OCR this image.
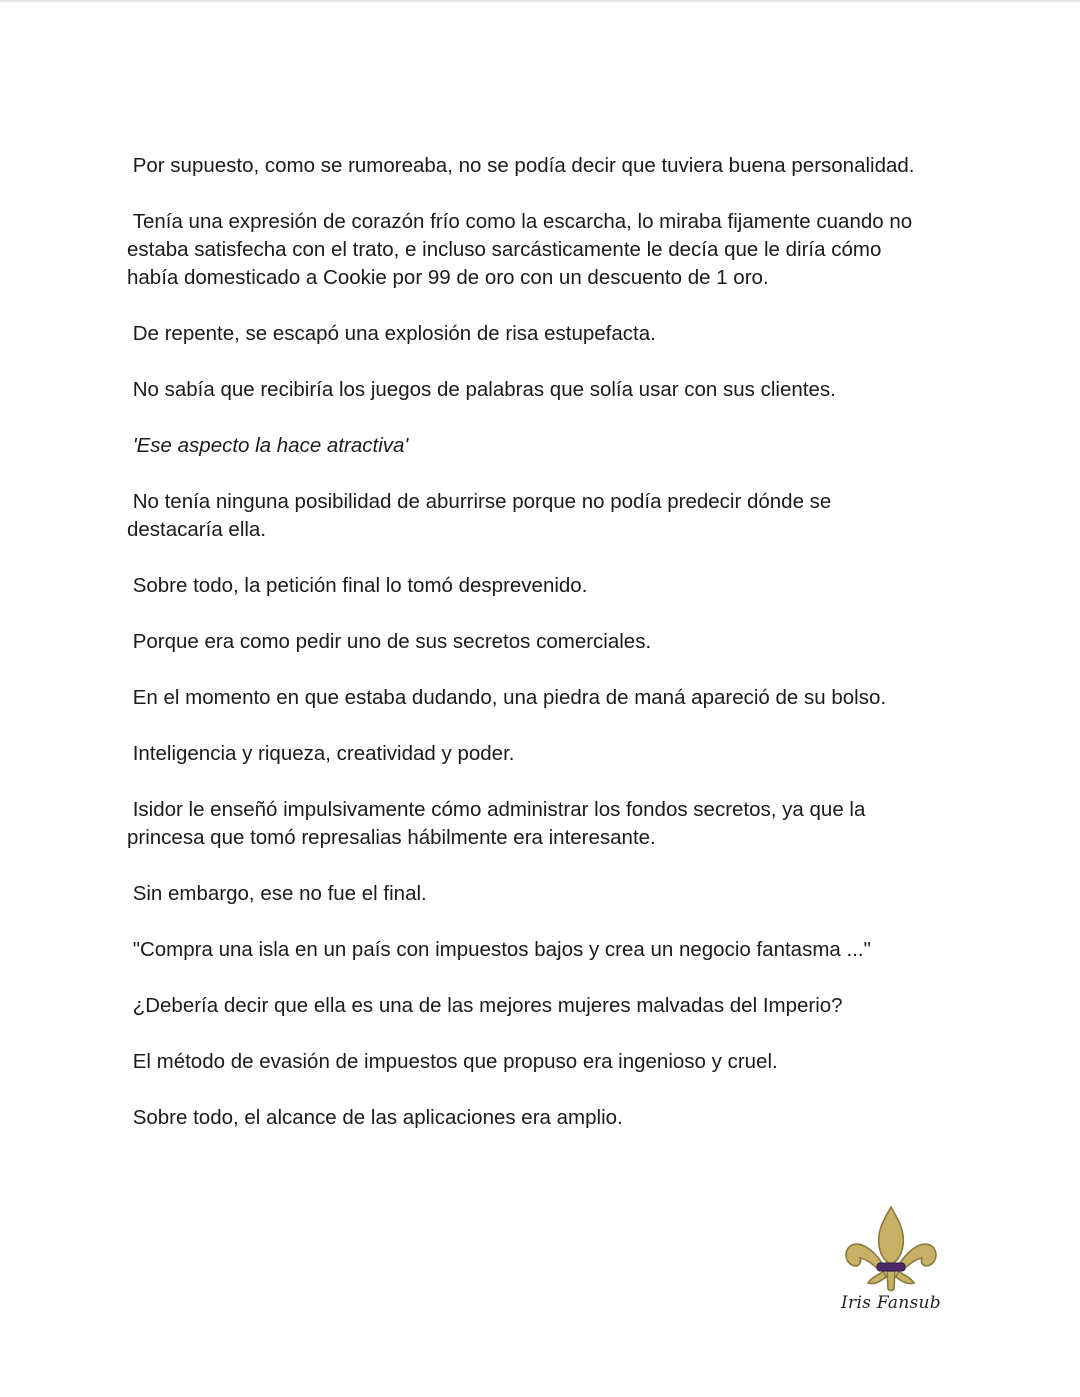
Por supuesto, como se rumoreaba, no se podía decir que tuviera buena personalidad.

Tenía una expresión de corazón frío como la escarcha, lo miraba fijamente cuando no
estaba satisfecha con el trato, e incluso sarcásticamente le decía que le diría cómo
había domesticado a Cookie por 99 de oro con un descuento de 1 oro.

De repente, se escapó una explosión de risa estupefacta.

No sabía que recibiría los juegos de palabras que solía usar con sus clientes.

'Ese aspecto la hace atractiva'

No tenía ninguna posibilidad de aburrirse porque no podía predecir dónde se
destacaría ella.

Sobre todo, la petición final lo tomó desprevenido.

Porque era como pedir uno de sus secretos comerciales.

En el momento en que estaba dudando, una piedra de maná apareció de su bolso.

Inteligencia y riqueza, creatividad y poder.

Isidor le enseñó impulsivamente cómo administrar los fondos secretos, ya que la
princesa que tomó represalias hábilmente era interesante.

Sin embargo, ese no fue el final.

"Compra una isla en un país con impuestos bajos y crea un negocio fantasma ..."

¿Debería decir que ella es una de las mejores mujeres malvadas del Imperio?

El método de evasión de impuestos que propuso era ingenioso y cruel.

Sobre todo, el alcance de las aplicaciones era amplio.

Iris Fansub
